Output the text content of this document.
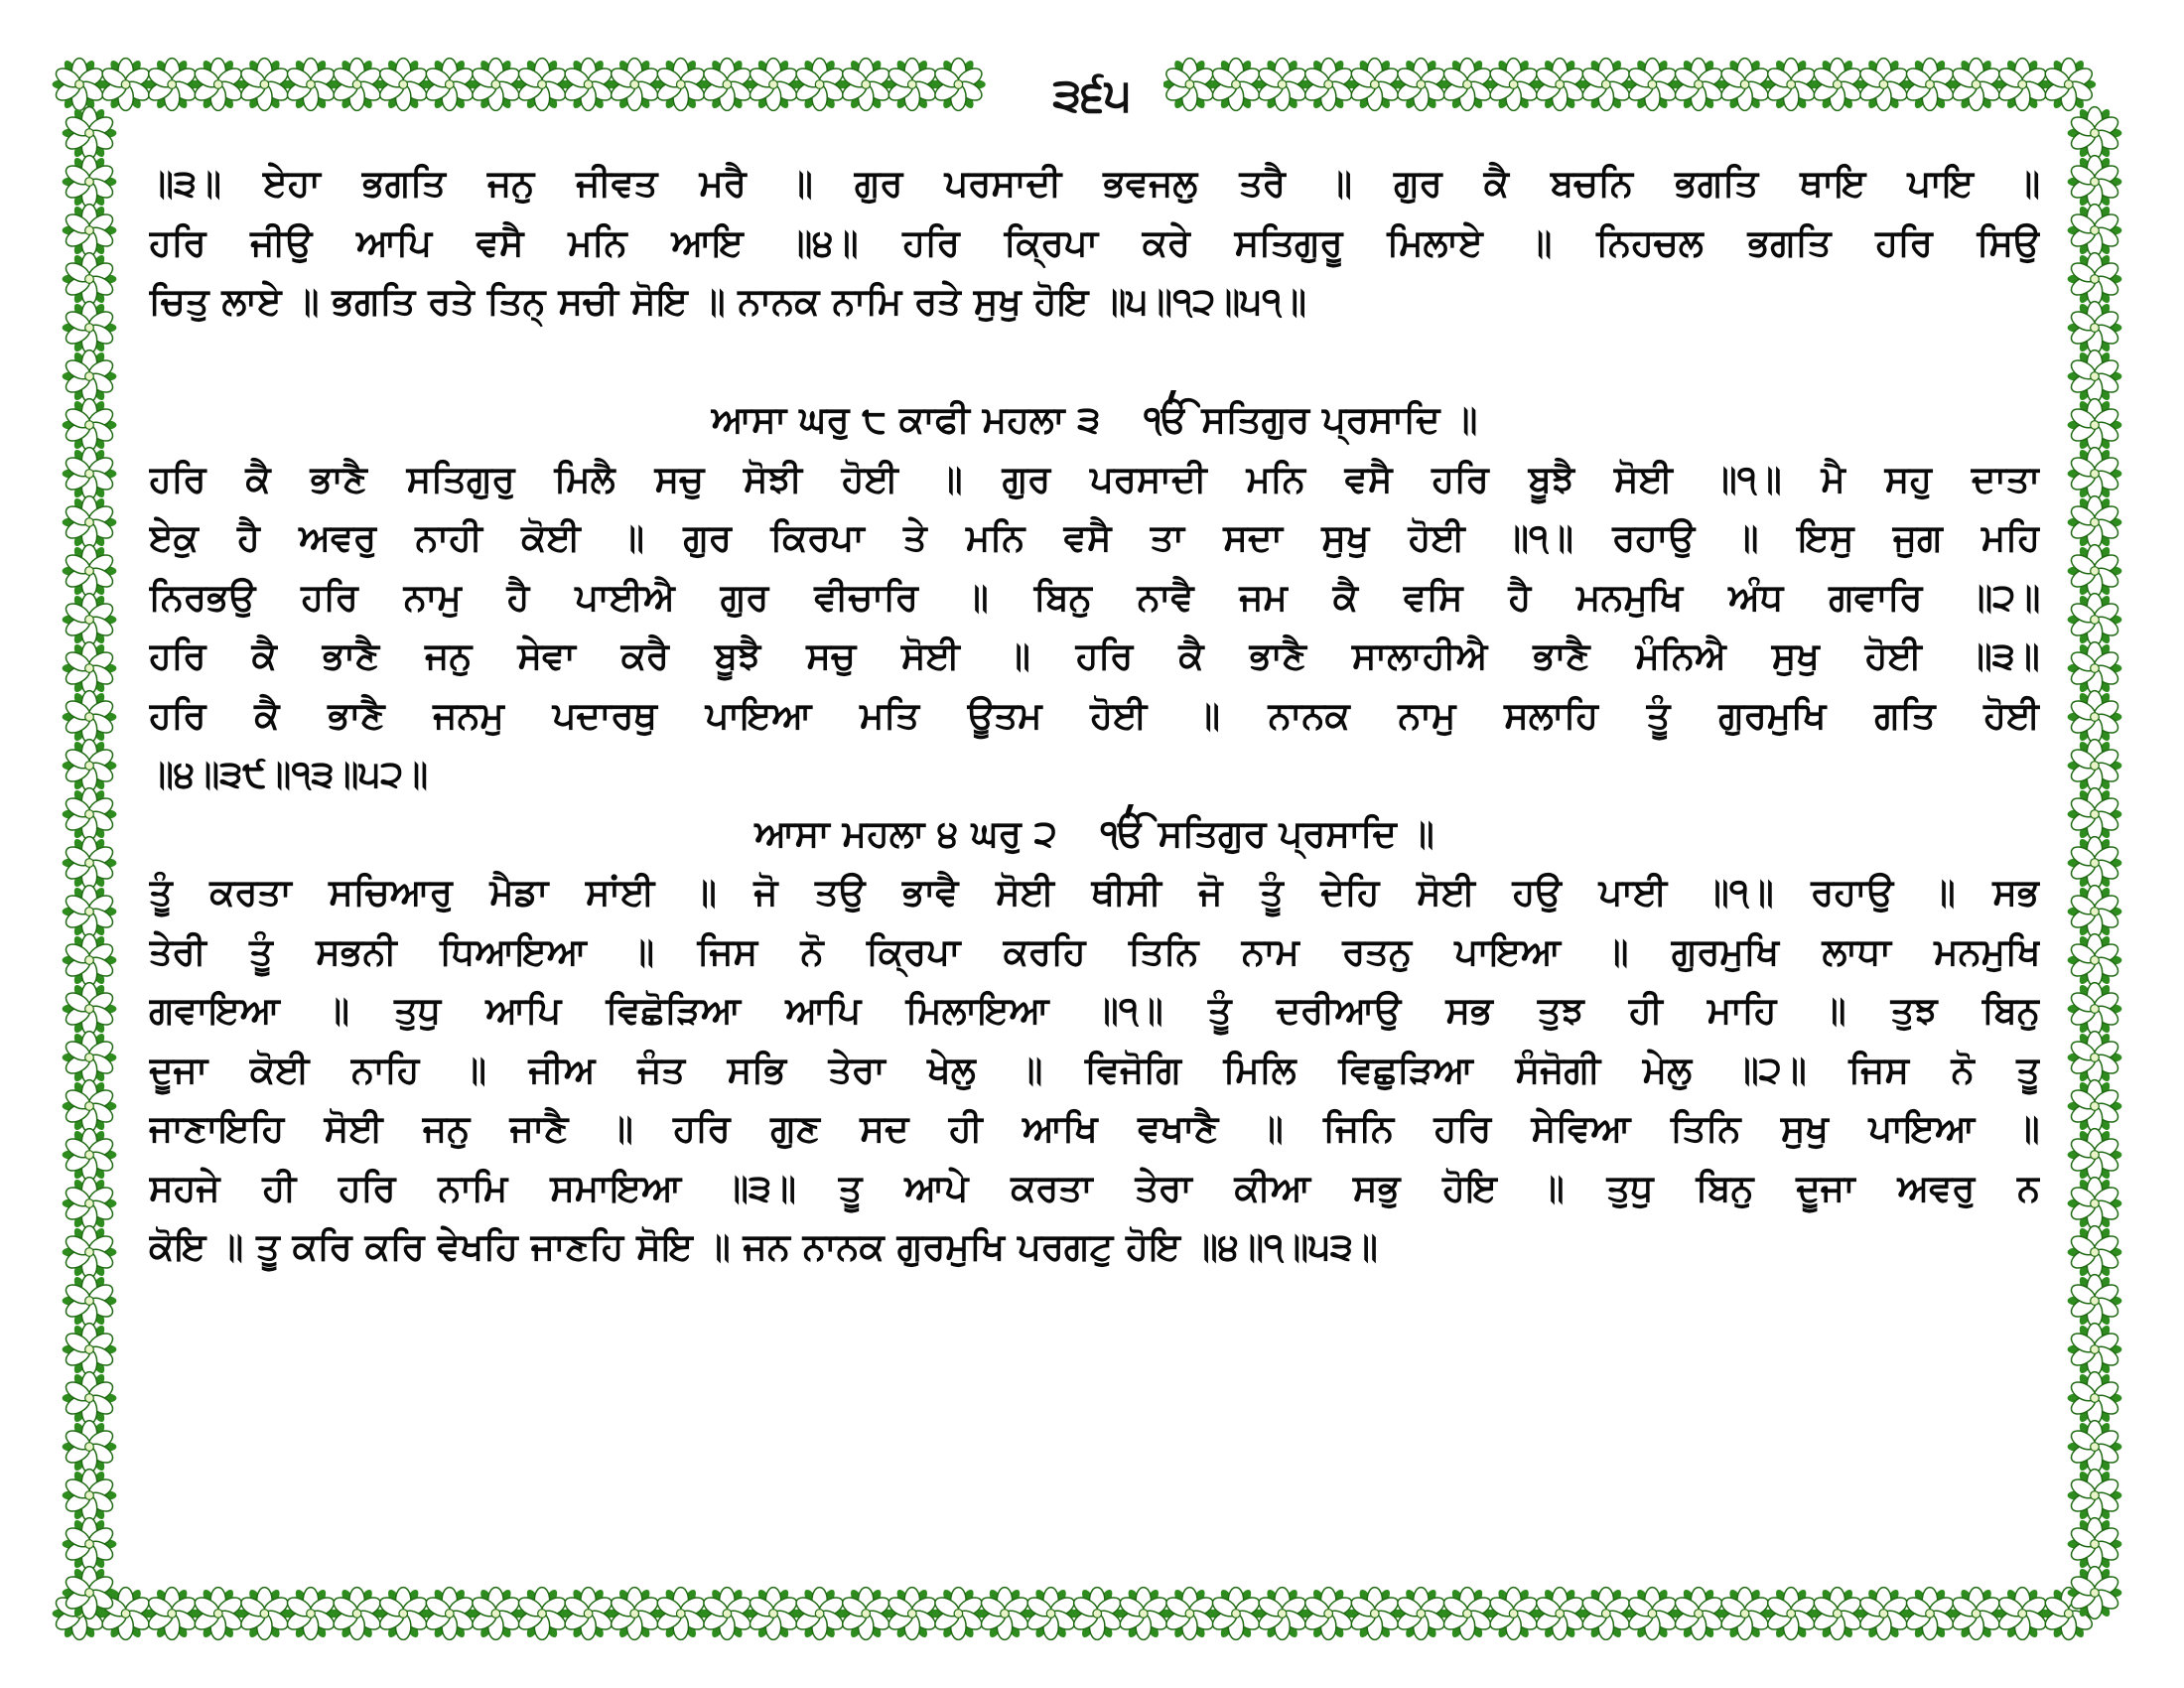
੩੬੫
॥੩॥ ਏਹਾ ਭਗਤਿ ਜਨੁ ਜੀਵਤ ਮਰੈ ॥ ਗੁਰ ਪਰਸਾਦੀ ਭਵਜਲੁ ਤਰੈ ॥ ਗੁਰ ਕੈ ਬਚਨਿ ਭਗਤਿ ਥਾਇ ਪਾਇ ॥
ਹਰਿ ਜੀਉ ਆਪਿ ਵਸੈ ਮਨਿ ਆਇ ॥੪॥ ਹਰਿ ਕ੍ਰਿਪਾ ਕਰੇ ਸਤਿਗੁਰੂ ਮਿਲਾਏ ॥ ਨਿਹਚਲ ਭਗਤਿ ਹਰਿ ਸਿਉ
ਚਿਤੁ ਲਾਏ ॥ ਭਗਤਿ ਰਤੇ ਤਿਨ੍ ਸਚੀ ਸੋਇ ॥ ਨਾਨਕ ਨਾਮਿ ਰਤੇ ਸੁਖੁ ਹੋਇ ॥੫॥੧੨॥੫੧॥
ਆਸਾ ਘਰੁ ੮ ਕਾਫੀ ਮਹਲਾ ੩ ੴ ਸਤਿਗੁਰ ਪ੍ਰਸਾਦਿ ॥
ਹਰਿ ਕੈ ਭਾਣੈ ਸਤਿਗੁਰੁ ਮਿਲੈ ਸਚੁ ਸੋਝੀ ਹੋਈ ॥ ਗੁਰ ਪਰਸਾਦੀ ਮਨਿ ਵਸੈ ਹਰਿ ਬੂਝੈ ਸੋਈ ॥੧॥ ਮੈ ਸਹੁ ਦਾਤਾ
ਏਕੁ ਹੈ ਅਵਰੁ ਨਾਹੀ ਕੋਈ ॥ ਗੁਰ ਕਿਰਪਾ ਤੇ ਮਨਿ ਵਸੈ ਤਾ ਸਦਾ ਸੁਖੁ ਹੋਈ ॥੧॥ ਰਹਾਉ ॥ ਇਸੁ ਜੁਗ ਮਹਿ
ਨਿਰਭਉ ਹਰਿ ਨਾਮੁ ਹੈ ਪਾਈਐ ਗੁਰ ਵੀਚਾਰਿ ॥ ਬਿਨੁ ਨਾਵੈ ਜਮ ਕੈ ਵਸਿ ਹੈ ਮਨਮੁਖਿ ਅੰਧ ਗਵਾਰਿ ॥੨॥
ਹਰਿ ਕੈ ਭਾਣੈ ਜਨੁ ਸੇਵਾ ਕਰੈ ਬੂਝੈ ਸਚੁ ਸੋਈ ॥ ਹਰਿ ਕੈ ਭਾਣੈ ਸਾਲਾਹੀਐ ਭਾਣੈ ਮੰਨਿਐ ਸੁਖੁ ਹੋਈ ॥੩॥
ਹਰਿ ਕੈ ਭਾਣੈ ਜਨਮੁ ਪਦਾਰਥੁ ਪਾਇਆ ਮਤਿ ਊਤਮ ਹੋਈ ॥ ਨਾਨਕ ਨਾਮੁ ਸਲਾਹਿ ਤੂੰ ਗੁਰਮੁਖਿ ਗਤਿ ਹੋਈ
॥੪॥੩੯॥੧੩॥੫੨॥
ਆਸਾ ਮਹਲਾ ੪ ਘਰੁ ੨ ੴ ਸਤਿਗੁਰ ਪ੍ਰਸਾਦਿ ॥
ਤੂੰ ਕਰਤਾ ਸਚਿਆਰੁ ਮੈਡਾ ਸਾਂਈ ॥ ਜੋ ਤਉ ਭਾਵੈ ਸੋਈ ਥੀਸੀ ਜੋ ਤੂੰ ਦੇਹਿ ਸੋਈ ਹਉ ਪਾਈ ॥੧॥ ਰਹਾਉ ॥ ਸਭ
ਤੇਰੀ ਤੂੰ ਸਭਨੀ ਧਿਆਇਆ ॥ ਜਿਸ ਨੋ ਕ੍ਰਿਪਾ ਕਰਹਿ ਤਿਨਿ ਨਾਮ ਰਤਨੁ ਪਾਇਆ ॥ ਗੁਰਮੁਖਿ ਲਾਧਾ ਮਨਮੁਖਿ
ਗਵਾਇਆ ॥ ਤੁਧੁ ਆਪਿ ਵਿਛੋੜਿਆ ਆਪਿ ਮਿਲਾਇਆ ॥੧॥ ਤੂੰ ਦਰੀਆਉ ਸਭ ਤੁਝ ਹੀ ਮਾਹਿ ॥ ਤੁਝ ਬਿਨੁ
ਦੂਜਾ ਕੋਈ ਨਾਹਿ ॥ ਜੀਅ ਜੰਤ ਸਭਿ ਤੇਰਾ ਖੇਲੁ ॥ ਵਿਜੋਗਿ ਮਿਲਿ ਵਿਛੁੜਿਆ ਸੰਜੋਗੀ ਮੇਲੁ ॥੨॥ ਜਿਸ ਨੋ ਤੂ
ਜਾਣਾਇਹਿ ਸੋਈ ਜਨੁ ਜਾਣੈ ॥ ਹਰਿ ਗੁਣ ਸਦ ਹੀ ਆਖਿ ਵਖਾਣੈ ॥ ਜਿਨਿ ਹਰਿ ਸੇਵਿਆ ਤਿਨਿ ਸੁਖੁ ਪਾਇਆ ॥
ਸਹਜੇ ਹੀ ਹਰਿ ਨਾਮਿ ਸਮਾਇਆ ॥੩॥ ਤੂ ਆਪੇ ਕਰਤਾ ਤੇਰਾ ਕੀਆ ਸਭੁ ਹੋਇ ॥ ਤੁਧੁ ਬਿਨੁ ਦੂਜਾ ਅਵਰੁ ਨ
ਕੋਇ ॥ ਤੂ ਕਰਿ ਕਰਿ ਵੇਖਹਿ ਜਾਣਹਿ ਸੋਇ ॥ ਜਨ ਨਾਨਕ ਗੁਰਮੁਖਿ ਪਰਗਟੁ ਹੋਇ ॥੪॥੧॥੫੩॥
